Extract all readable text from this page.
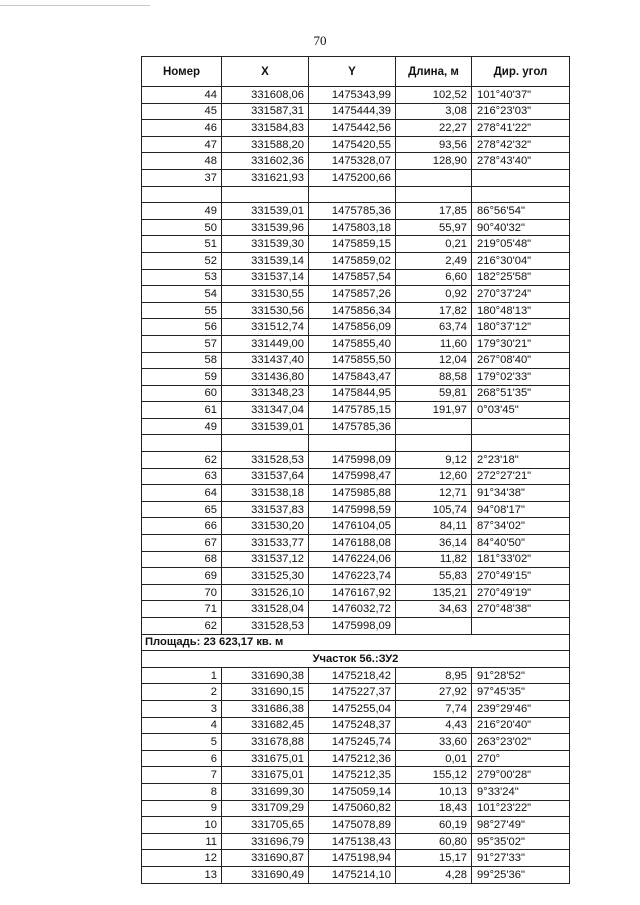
70
Номер	X	Y	Длина, м	Дир. угол
44	331608,06	1475343,99	102,52	101°40'37"
45	331587,31	1475444,39	3,08	216°23'03"
46	331584,83	1475442,56	22,27	278°41'22"
47	331588,20	1475420,55	93,56	278°42'32"
48	331602,36	1475328,07	128,90	278°43'40"
37	331621,93	1475200,66		

49	331539,01	1475785,36	17,85	86°56'54"
50	331539,96	1475803,18	55,97	90°40'32"
51	331539,30	1475859,15	0,21	219°05'48"
52	331539,14	1475859,02	2,49	216°30'04"
53	331537,14	1475857,54	6,60	182°25'58"
54	331530,55	1475857,26	0,92	270°37'24"
55	331530,56	1475856,34	17,82	180°48'13"
56	331512,74	1475856,09	63,74	180°37'12"
57	331449,00	1475855,40	11,60	179°30'21"
58	331437,40	1475855,50	12,04	267°08'40"
59	331436,80	1475843,47	88,58	179°02'33"
60	331348,23	1475844,95	59,81	268°51'35"
61	331347,04	1475785,15	191,97	0°03'45"
49	331539,01	1475785,36		

62	331528,53	1475998,09	9,12	2°23'18"
63	331537,64	1475998,47	12,60	272°27'21"
64	331538,18	1475985,88	12,71	91°34'38"
65	331537,83	1475998,59	105,74	94°08'17"
66	331530,20	1476104,05	84,11	87°34'02"
67	331533,77	1476188,08	36,14	84°40'50"
68	331537,12	1476224,06	11,82	181°33'02"
69	331525,30	1476223,74	55,83	270°49'15"
70	331526,10	1476167,92	135,21	270°49'19"
71	331528,04	1476032,72	34,63	270°48'38"
62	331528,53	1475998,09		
Площадь: 23 623,17 кв. м				
Участок 56.:ЗУ2				
1	331690,38	1475218,42	8,95	91°28'52"
2	331690,15	1475227,37	27,92	97°45'35"
3	331686,38	1475255,04	7,74	239°29'46"
4	331682,45	1475248,37	4,43	216°20'40"
5	331678,88	1475245,74	33,60	263°23'02"
6	331675,01	1475212,36	0,01	270°
7	331675,01	1475212,35	155,12	279°00'28"
8	331699,30	1475059,14	10,13	9°33'24"
9	331709,29	1475060,82	18,43	101°23'22"
10	331705,65	1475078,89	60,19	98°27'49"
11	331696,79	1475138,43	60,80	95°35'02"
12	331690,87	1475198,94	15,17	91°27'33"
13	331690,49	1475214,10	4,28	99°25'36"
